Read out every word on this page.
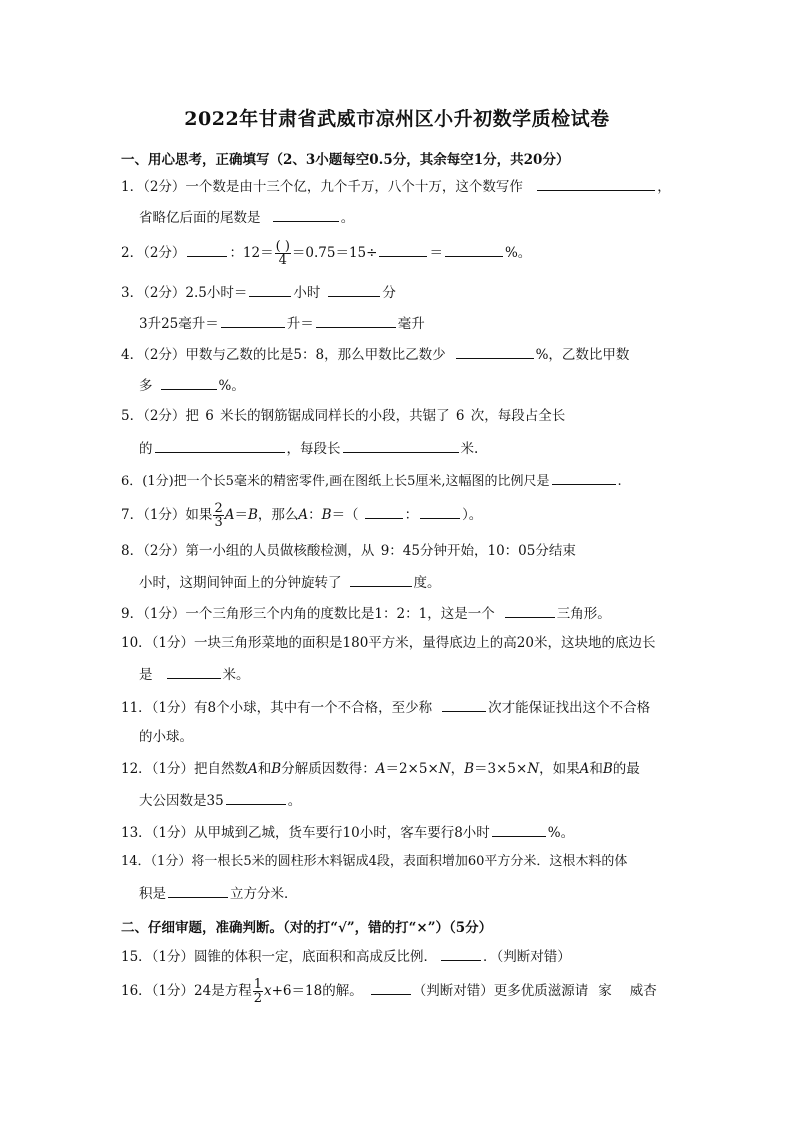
2022年甘肃省武威市凉州区小升初数学质检试卷
一、用心思考，正确填写（2、3小题每空0.5分，其余每空1分，共20分）
1．（2分）一个数是由十三个亿，九个千万，八个十万，这个数写作	，
省略亿后面的尾数是	。
2．（2分）	：$12= \frac{( )}{4} =0.75=15\div$	＝	%。
3．（2分）2.5小时＝	小时	分
3升25毫升＝	升＝	毫升
4．（2分）甲数与乙数的比是5：8，那么甲数比乙数少	%，乙数比甲数
多	%。
5．（2分）把 6 米长的钢筋锯成同样长的小段，共锯了 6 次，每段占全长
的	，每段长	米.
6．(1分)把一个长5毫米的精密零件,画在图纸上长5厘米,这幅图的比例尺是	.
7．（1分）如果 $\frac{2}{3} A=B$，那么A：B＝（	：	）。
8．（2分）第一小组的人员做核酸检测，从 9：45分钟开始，10：05分结束
小时，这期间钟面上的分钟旋转了	度。
9．（1分）一个三角形三个内角的度数比是1：2：1，这是一个	三角形。
10．（1分）一块三角形菜地的面积是180平方米，量得底边上的高20米，这块地的底边长
是	米。
11．（1分）有8个小球，其中有一个不合格，至少称	次才能保证找出这个不合格
的小球。
12．（1分）把自然数A和B分解质因数得：A＝2×5×N，B＝3×5×N，如果A和B的最
大公因数是35	。
13．（1分）从甲城到乙城，货车要行10小时，客车要行8小时	%。
14．（1分）将一根长5米的圆柱形木料锯成4段，表面积增加60平方分米．这根木料的体
积是	立方分米．
二、仔细审题，准确判断。（对的打“√”，错的打“×”）（5分）
15．（1分）圆锥的体积一定，底面积和高成反比例．	．（判断对错）
16．（1分）24是方程 $\frac{1}{2} x+6=18$的解。	（判断对错）更多优质滋源请 家 威杏
